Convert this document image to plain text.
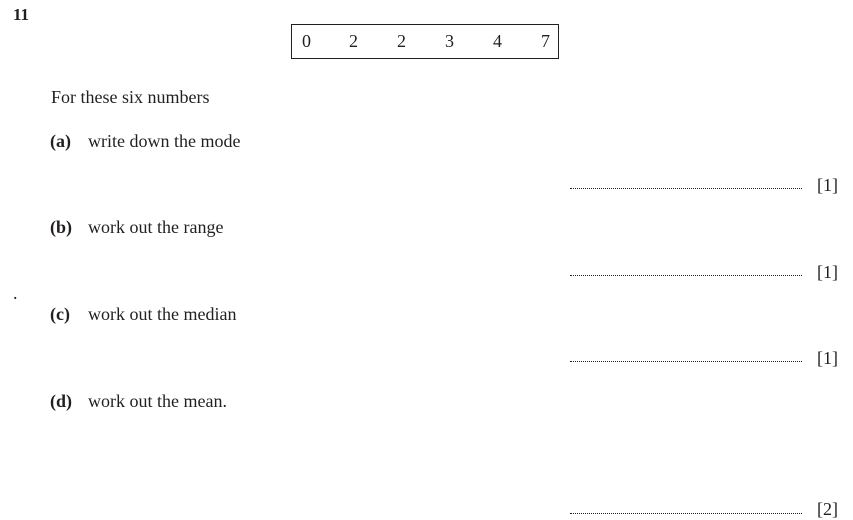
11
0 2 2 3 4 7
For these six numbers
(a) write down the mode
[1]
(b) work out the range
[1]
.
(c) work out the median
[1]
(d) work out the mean.
[2]
